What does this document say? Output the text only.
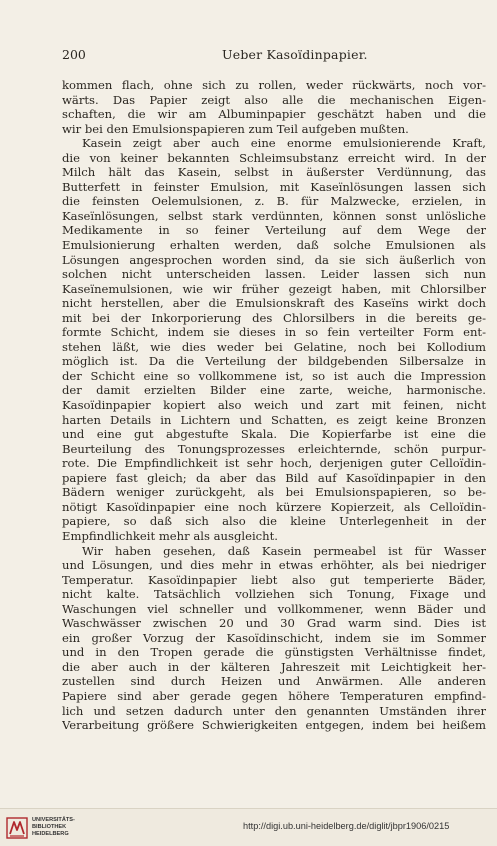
200	Ueber Kasoïdinpapier.
kommen flach, ohne sich zu rollen, weder rückwärts, noch vor-
wärts. Das Papier zeigt also alle die mechanischen Eigen-
schaften, die wir am Albuminpapier geschätzt haben und die
wir bei den Emulsionspapieren zum Teil aufgeben mußten.
Kasein zeigt aber auch eine enorme emulsionierende Kraft,
die von keiner bekannten Schleimsubstanz erreicht wird. In der
Milch hält das Kasein, selbst in äußerster Verdünnung, das
Butterfett in feinster Emulsion, mit Kaseïnlösungen lassen sich
die feinsten Oelemulsionen, z. B. für Malzwecke, erzielen, in
Kaseïnlösungen, selbst stark verdünnten, können sonst unlösliche
Medikamente in so feiner Verteilung auf dem Wege der
Emulsionierung erhalten werden, daß solche Emulsionen als
Lösungen angesprochen worden sind, da sie sich äußerlich von
solchen nicht unterscheiden lassen. Leider lassen sich nun
Kaseïnemulsionen, wie wir früher gezeigt haben, mit Chlorsilber
nicht herstellen, aber die Emulsionskraft des Kaseïns wirkt doch
mit bei der Inkorporierung des Chlorsilbers in die bereits ge-
formte Schicht, indem sie dieses in so fein verteilter Form ent-
stehen läßt, wie dies weder bei Gelatine, noch bei Kollodium
möglich ist. Da die Verteilung der bildgebenden Silbersalze in
der Schicht eine so vollkommene ist, so ist auch die Impression
der damit erzielten Bilder eine zarte, weiche, harmonische.
Kasoïdinpapier kopiert also weich und zart mit feinen, nicht
harten Details in Lichtern und Schatten, es zeigt keine Bronzen
und eine gut abgestufte Skala. Die Kopierfarbe ist eine die
Beurteilung des Tonungsprozesses erleichternde, schön purpur-
rote. Die Empfindlichkeit ist sehr hoch, derjenigen guter Celloïdin-
papiere fast gleich; da aber das Bild auf Kasoïdinpapier in den
Bädern weniger zurückgeht, als bei Emulsionspapieren, so be-
nötigt Kasoïdinpapier eine noch kürzere Kopierzeit, als Celloïdin-
papiere, so daß sich also die kleine Unterlegenheit in der
Empfindlichkeit mehr als ausgleicht.
Wir haben gesehen, daß Kasein permeabel ist für Wasser
und Lösungen, und dies mehr in etwas erhöhter, als bei niedriger
Temperatur. Kasoïdinpapier liebt also gut temperierte Bäder,
nicht kalte. Tatsächlich vollziehen sich Tonung, Fixage und
Waschungen viel schneller und vollkommener, wenn Bäder und
Waschwässer zwischen 20 und 30 Grad warm sind. Dies ist
ein großer Vorzug der Kasoïdinschicht, indem sie im Sommer
und in den Tropen gerade die günstigsten Verhältnisse findet,
die aber auch in der kälteren Jahreszeit mit Leichtigkeit her-
zustellen sind durch Heizen und Anwärmen. Alle anderen
Papiere sind aber gerade gegen höhere Temperaturen empfind-
lich und setzen dadurch unter den genannten Umständen ihrer
Verarbeitung größere Schwierigkeiten entgegen, indem bei heißem
UNIVERSITÄTS-
BIBLIOTHEK
HEIDELBERG
http://digi.ub.uni-heidelberg.de/diglit/jbpr1906/0215
